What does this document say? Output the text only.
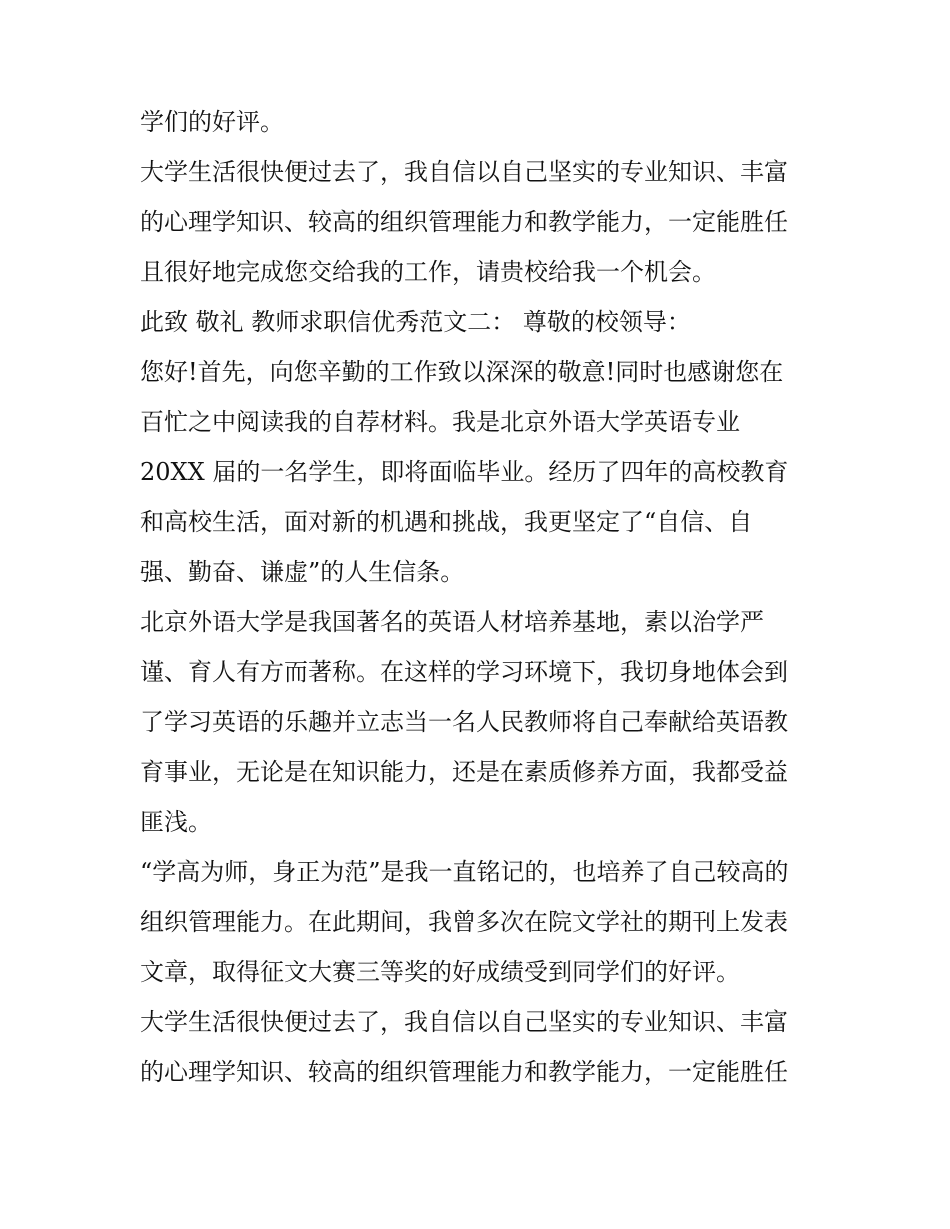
学们的好评。
大学生活很快便过去了，我自信以自己坚实的专业知识、丰富
的心理学知识、较高的组织管理能力和教学能力，一定能胜任
且很好地完成您交给我的工作，请贵校给我一个机会。
此致 敬礼 教师求职信优秀范文二： 尊敬的校领导：
您好!首先，向您辛勤的工作致以深深的敬意!同时也感谢您在
百忙之中阅读我的自荐材料。我是北京外语大学英语专业
20XX 届的一名学生，即将面临毕业。经历了四年的高校教育
和高校生活，面对新的机遇和挑战，我更坚定了“自信、自
强、勤奋、谦虚”的人生信条。
北京外语大学是我国著名的英语人材培养基地，素以治学严
谨、育人有方而著称。在这样的学习环境下，我切身地体会到
了学习英语的乐趣并立志当一名人民教师将自己奉献给英语教
育事业，无论是在知识能力，还是在素质修养方面，我都受益
匪浅。
“学高为师，身正为范”是我一直铭记的，也培养了自己较高的
组织管理能力。在此期间，我曾多次在院文学社的期刊上发表
文章，取得征文大赛三等奖的好成绩受到同学们的好评。
大学生活很快便过去了，我自信以自己坚实的专业知识、丰富
的心理学知识、较高的组织管理能力和教学能力，一定能胜任
